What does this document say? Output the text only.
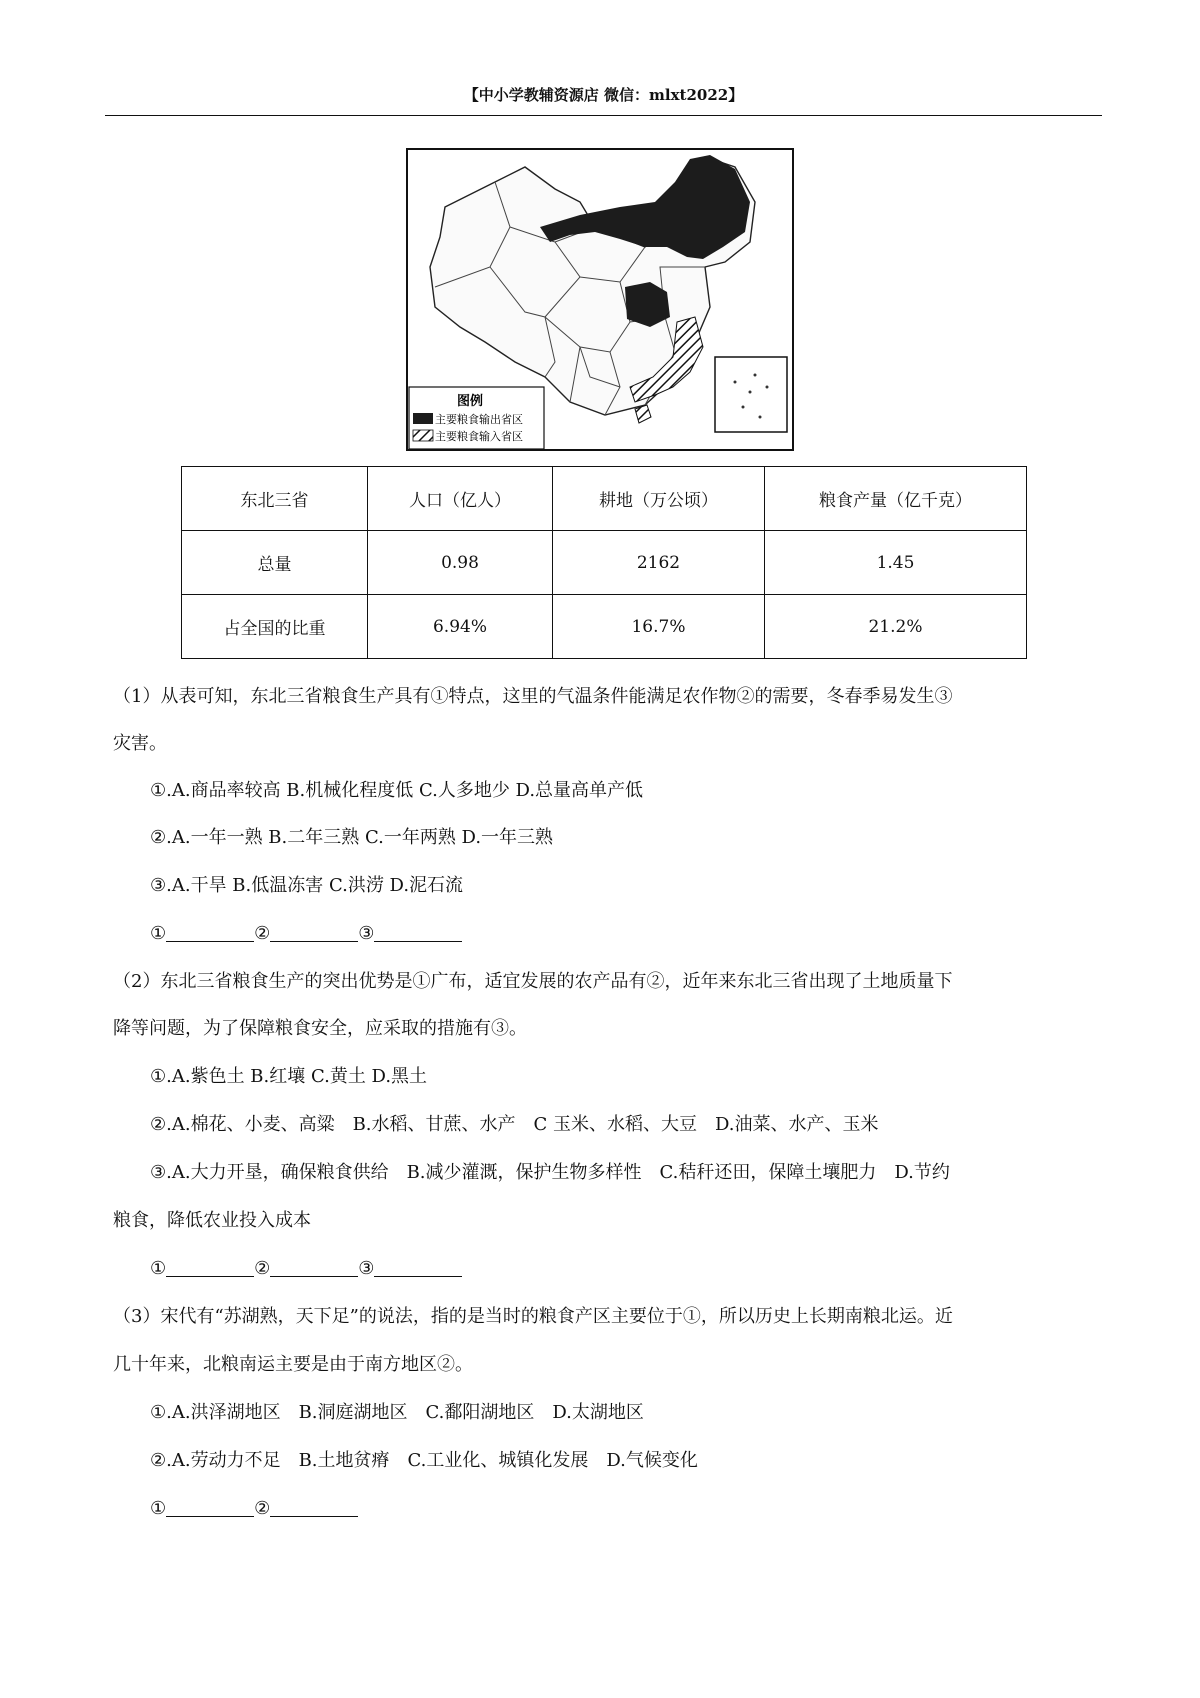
【中小学教辅资源店 微信：mlxt2022】
图例
主要粮食输出省区
主要粮食输入省区
东北三省	人口（亿人）	耕地（万公顷）	粮食产量（亿千克）
总量	0.98	2162	1.45
占全国的比重	6.94%	16.7%	21.2%
（1）从表可知，东北三省粮食生产具有①特点，这里的气温条件能满足农作物②的需要，冬春季易发生③
灾害。
①.A.商品率较高 B.机械化程度低 C.人多地少 D.总量高单产低
②.A.一年一熟 B.二年三熟 C.一年两熟 D.一年三熟
③.A.干旱 B.低温冻害 C.洪涝 D.泥石流
①	②	③
（2）东北三省粮食生产的突出优势是①广布，适宜发展的农产品有②，近年来东北三省出现了土地质量下
降等问题，为了保障粮食安全，应采取的措施有③。
①.A.紫色土 B.红壤 C.黄土 D.黑土
②.A.棉花、小麦、高粱　B.水稻、甘蔗、水产　C 玉米、水稻、大豆　D.油菜、水产、玉米
③.A.大力开垦，确保粮食供给　B.减少灌溉，保护生物多样性　C.秸秆还田，保障土壤肥力　D.节约
粮食，降低农业投入成本
①	②	③
（3）宋代有“苏湖熟，天下足”的说法，指的是当时的粮食产区主要位于①，所以历史上长期南粮北运。近
几十年来，北粮南运主要是由于南方地区②。
①.A.洪泽湖地区　B.洞庭湖地区　C.鄱阳湖地区　D.太湖地区
②.A.劳动力不足　B.土地贫瘠　C.工业化、城镇化发展　D.气候变化
①	②
